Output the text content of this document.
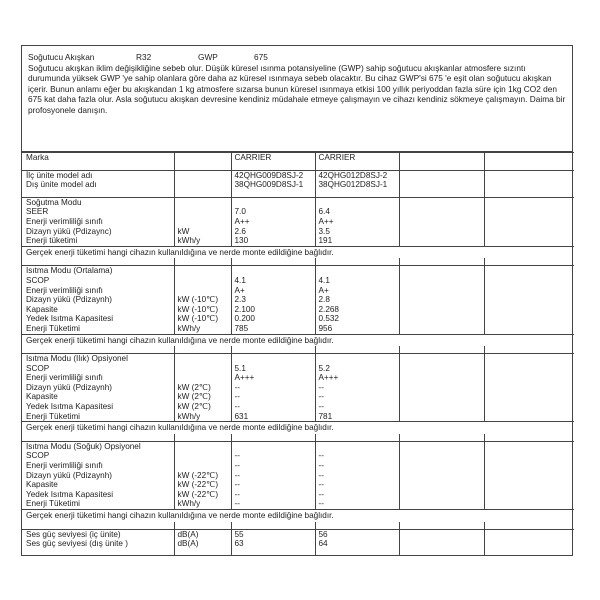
Soğutucu Akışkan	R32	GWP	675
Soğutucu akışkan iklim değişikliğine sebeb olur. Düşük küresel ısınma potansiyeline (GWP) sahip soğutucu akışkanlar atmosfere sızıntı durumunda yüksek GWP 'ye sahip olanlara göre daha az küresel ısınmaya sebeb olacaktır. Bu cihaz GWP'si 675 'e eşit olan soğutucu akışkan içerir. Bunun anlamı eğer bu akışkandan 1 kg atmosfere sızarsa bunun küresel ısınmaya etkisi 100 yıllık periyoddan fazla süre için 1kg CO2 den 675 kat daha fazla olur. Asla soğutucu akışkan devresine kendiniz müdahale etmeye çalışmayın ve cihazı kendiniz sökmeye çalışmayın. Daima bir profosyonele danışın.

Marka		CARRIER	CARRIER		

İlç ünite model adı		42QHG009D8SJ-2	42QHG012D8SJ-2		
Dış ünite model adı		38QHG009D8SJ-1	38QHG012D8SJ-1		

Soğutma Modu					
SEER		7.0	6.4		
Enerji verimliliği sınıfı		A++	A++		
Dizayn yükü (Pdizaync)	kW	2.6	3.5		
Enerji tüketimi	kWh/y	130	191		
Gerçek enerji tüketimi hangi cihazın kullanıldığına ve nerde monte edildiğine bağlıdır.					

Isıtma Modu (Ortalama)					
SCOP		4.1	4.1		
Enerji verimliliği sınıfı		A+	A+		
Dizayn yükü (Pdizaynh)	kW (-10℃)	2.3	2.8		
Kapasite	kW (-10℃)	2.100	2.268		
Yedek Isıtma Kapasitesi	kW (-10℃)	0.200	0.532		
Enerji Tüketimi	kWh/y	785	956		
Gerçek enerji tüketimi hangi cihazın kullanıldığına ve nerde monte edildiğine bağlıdır.					

Isıtma Modu (Ilık) Opsiyonel					
SCOP		5.1	5.2		
Enerji verimliliği sınıfı		A+++	A+++		
Dizayn yükü (Pdizaynh)	kW (2℃)	--	--		
Kapasite	kW (2℃)	--	--		
Yedek Isıtma Kapasitesi	kW (2℃)	--	--		
Enerji Tüketimi	kWh/y	631	781		
Gerçek enerji tüketimi hangi cihazın kullanıldığına ve nerde monte edildiğine bağlıdır.					

Isıtma Modu (Soğuk) Opsiyonel					
SCOP		--	--		
Enerji verimliliği sınıfı		--	--		
Dizayn yükü (Pdizaynh)	kW (-22℃)	--	--		
Kapasite	kW (-22℃)	--	--		
Yedek Isıtma Kapasitesi	kW (-22℃)	--	--		
Enerji Tüketimi	kWh/y	--	--		
Gerçek enerji tüketimi hangi cihazın kullanıldığına ve nerde monte edildiğine bağlıdır.					

Ses güç seviyesi (iç ünite)	dB(A)	55	56		
Ses güç seviyesi (dış ünite )	dB(A)	63	64		
